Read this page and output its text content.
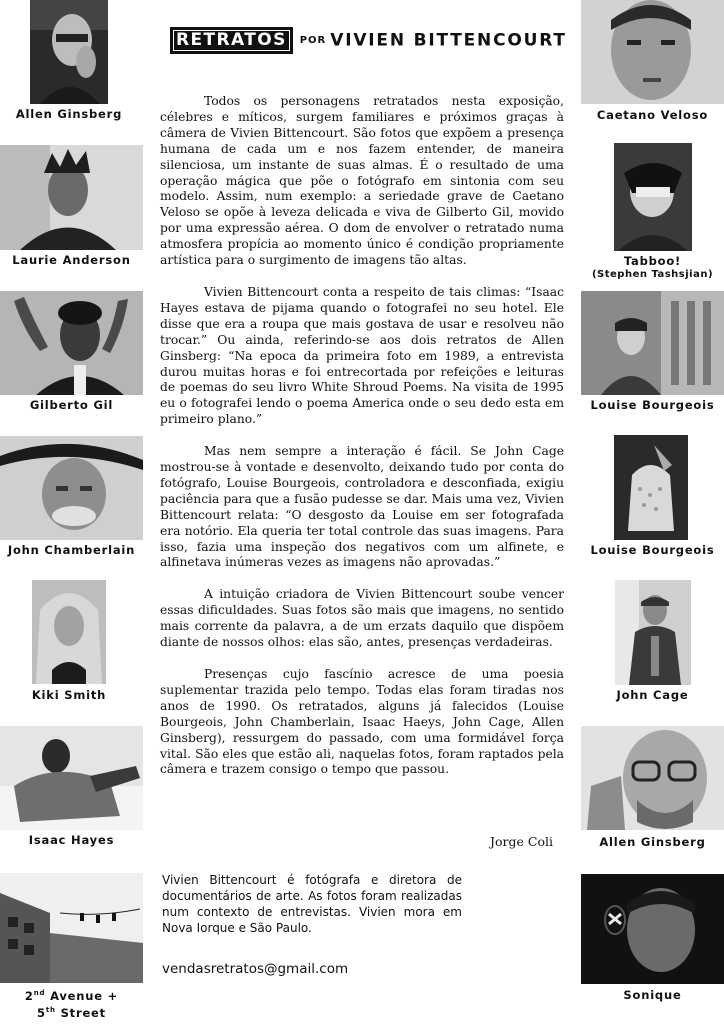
RETRATOS POR VIVIEN BITTENCOURT
Allen Ginsberg
Laurie Anderson
Gilberto Gil
John Chamberlain
Kiki Smith
Isaac Hayes
2nd Avenue +
5th Street
Caetano Veloso
Tabboo!
(Stephen Tashsjian)
Louise Bourgeois
Louise Bourgeois
John Cage
Allen Ginsberg
Sonique

Todos os personagens retratados nesta exposição, célebres e míticos, surgem familiares e próximos graças à câmera de Vivien Bittencourt. São fotos que expõem a presença humana de cada um e nos fazem entender, de maneira silenciosa, um instante de suas almas. É o resultado de uma operação mágica que põe o fotógrafo em sintonia com seu modelo. Assim, num exemplo: a seriedade grave de Caetano Veloso se opõe à leveza delicada e viva de Gilberto Gil, movido por uma expressão aérea. O dom de envolver o retratado numa atmosfera propícia ao momento único é condição propriamente artística para o surgimento de imagens tão altas.

Vivien Bittencourt conta a respeito de tais climas: “Isaac Hayes estava de pijama quando o fotografei no seu hotel. Ele disse que era a roupa que mais gostava de usar e resolveu não trocar.” Ou ainda, referindo-se aos dois retratos de Allen Ginsberg: “Na epoca da primeira foto em 1989, a entrevista durou muitas horas e foi entrecortada por refeições e leituras de poemas do seu livro White Shroud Poems. Na visita de 1995 eu o fotografei lendo o poema America onde o seu dedo esta em primeiro plano.”

Mas nem sempre a interação é fácil. Se John Cage mostrou-se à vontade e desenvolto, deixando tudo por conta do fotógrafo, Louise Bourgeois, controladora e desconfiada, exigiu paciência para que a fusão pudesse se dar. Mais uma vez, Vivien Bittencourt relata: “O desgosto da Louise em ser fotografada era notório. Ela queria ter total controle das suas imagens. Para isso, fazia uma inspeção dos negativos com um alfinete, e alfinetava inúmeras vezes as imagens não aprovadas.”

A intuição criadora de Vivien Bittencourt soube vencer essas dificuldades. Suas fotos são mais que imagens, no sentido mais corrente da palavra, a de um erzats daquilo que dispõem diante de nossos olhos: elas são, antes, presenças verdadeiras.

Presenças cujo fascínio acresce de uma poesia suplementar trazida pelo tempo. Todas elas foram tiradas nos anos de 1990. Os retratados, alguns já falecidos (Louise Bourgeois, John Chamberlain, Isaac Haeys, John Cage, Allen Ginsberg), ressurgem do passado, com uma formidável força vital. São eles que estão ali, naquelas fotos, foram raptados pela câmera e trazem consigo o tempo que passou.

Jorge Coli
Vivien Bittencourt é fotógrafa e diretora de documentários de arte. As fotos foram realizadas num contexto de entrevistas. Vivien mora em Nova Iorque e São Paulo.
vendasretratos@gmail.com
